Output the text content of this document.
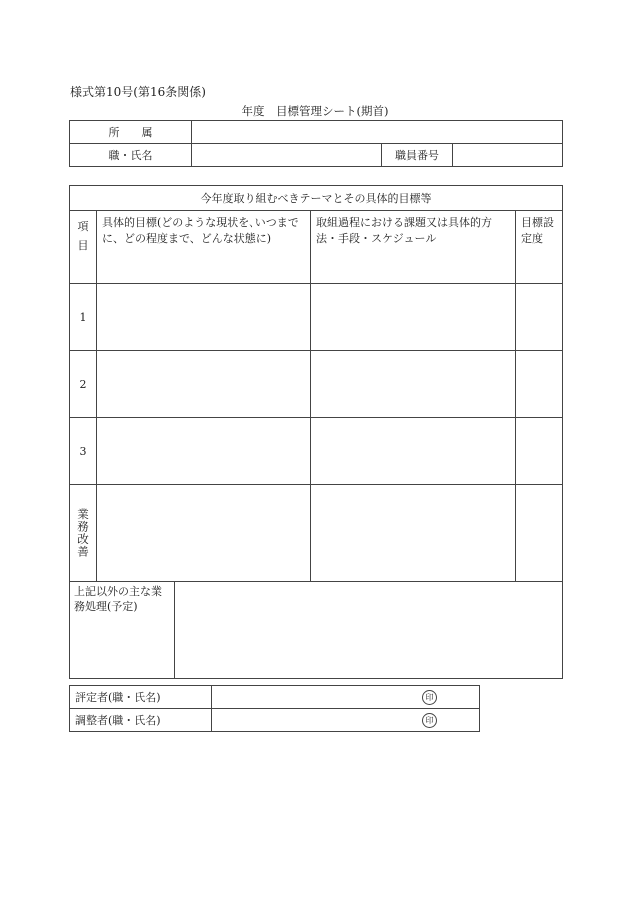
様式第10号(第16条関係)
年度　目標管理シート(期首)
所　　属			
職・氏名		職員番号	
今年度取り組むべきテーマとその具体的目標等				

項目	具体的目標(どのような現状を､いつまでに、どの程度まで、どんな状態に)		取組過程における課題又は具体的方法・手段・スケジュール	目標設定度

1				
2				
3				

業務改善				

上記以外の主な業務処理(予定)				

評定者(職・氏名)	印
調整者(職・氏名)	印
